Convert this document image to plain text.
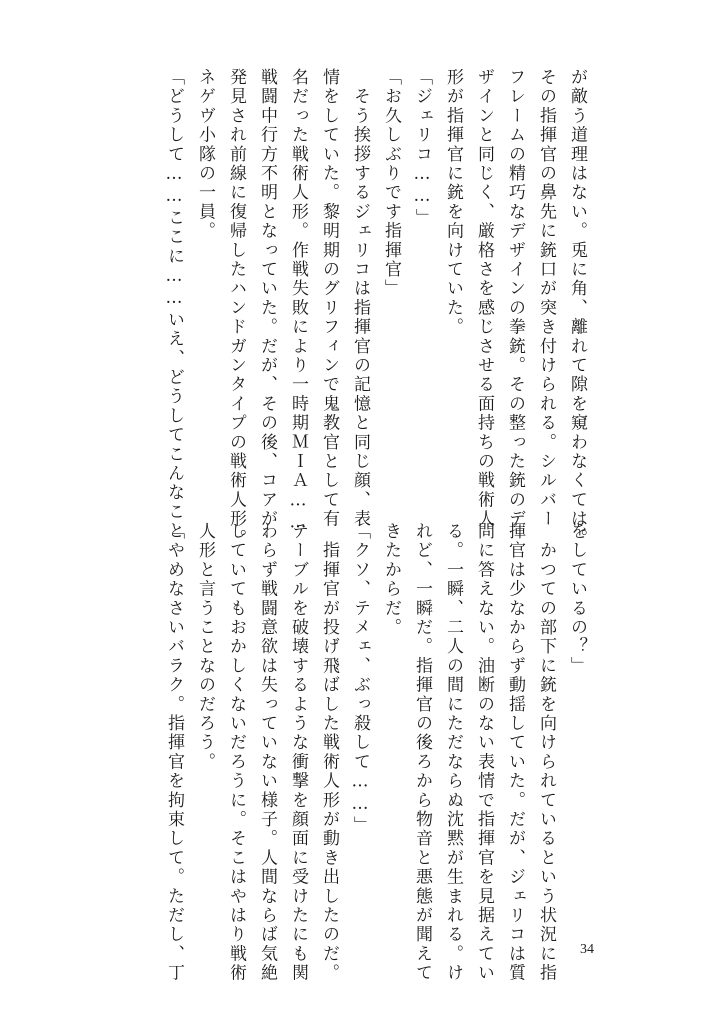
が敵う道理はない。兎に角、離れて隙を窺わなくては。
その指揮官の鼻先に銃口が突き付けられる。シルバー
フレームの精巧なデザインの拳銃。その整った銃のデ
ザインと同じく、厳格さを感じさせる面持ちの戦術人
形が指揮官に銃を向けていた。
「ジェリコ……」
「お久しぶりです指揮官」
　そう挨拶するジェリコは指揮官の記憶と同じ顔、表
情をしていた。黎明期のグリフィンで鬼教官として有
名だった戦術人形。作戦失敗により一時期ＭＩＡ……
戦闘中行方不明となっていた。だが、その後、コアが
発見され前線に復帰したハンドガンタイプの戦術人形。
ネゲヴ小隊の一員。
「どうして……ここに……いえ、どうしてこんなこと
をしているの？」
　かつての部下に銃を向けられているという状況に指
揮官は少なからず動揺していた。だが、ジェリコは質
問に答えない。油断のない表情で指揮官を見据えてい
る。一瞬、二人の間にただならぬ沈黙が生まれる。け
れど、一瞬だ。指揮官の後ろから物音と悪態が聞えて
きたからだ。
「クソ、テメェ、ぶっ殺して……」
　指揮官が投げ飛ばした戦術人形が動き出したのだ。
テーブルを破壊するような衝撃を顔面に受けたにも関
わらず戦闘意欲は失っていない様子。人間ならば気絶
していてもおかしくないだろうに。そこはやはり戦術
人形と言うことなのだろう。
「やめなさいバラク。指揮官を拘束して。ただし、丁	34
